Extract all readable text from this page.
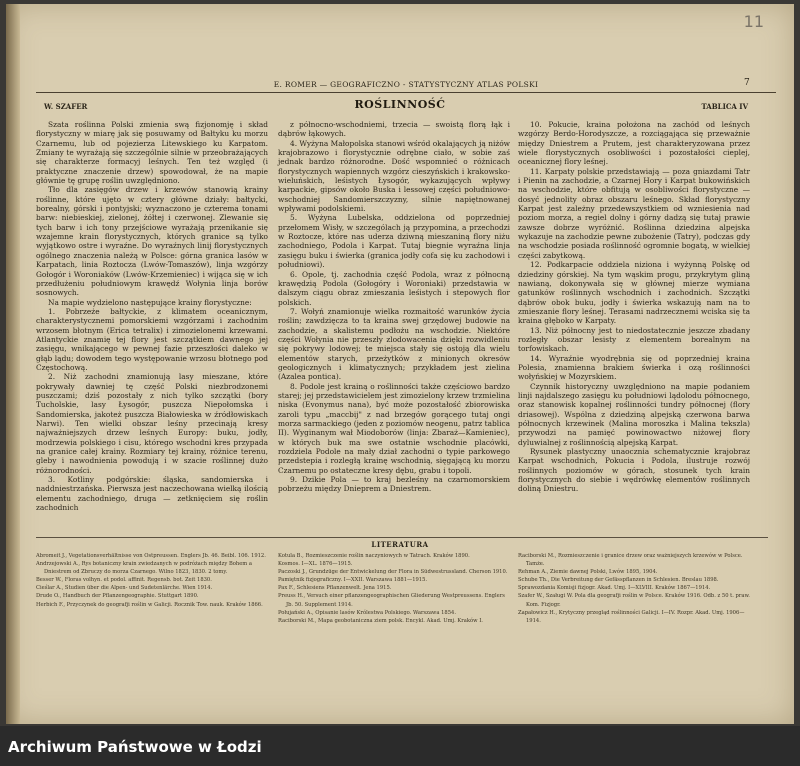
11
E. ROMER — GEOGRAFICZNO - STATYSTYCZNY ATLAS POLSKI	7
W. SZAFER	ROŚLINNOŚĆ	TABLICA IV

Szata roślinna Polski zmienia swą fizjonomję i skład florystyczny w miarę jak się posuwamy od Bałtyku ku morzu Czarnemu, lub od pojezierza Litewskiego ku Karpatom. Zmiany te wyrażają się szczególnie silnie w przeobrażających się charakterze formacyj leśnych. Ten też względ (i praktyczne znaczenie drzew) spowodował, że na mapie głównie tę grupę roślin uwzględniono.

Tło dla zasięgów drzew i krzewów stanowią krainy roślinne, które ujęto w cztery główne działy: bałtycki, borealny, górski i pontyjski; wyznaczono je czterema tonami barw: niebieskiej, zielonej, żółtej i czerwonej. Zlewanie się tych barw i ich tony przejściowe wyrażają przenikanie się wzajemne krain florystycznych, których granice są tylko wyjątkowo ostre i wyraźne. Do wyraźnych linij florystycznych ogólnego znaczenia należą w Polsce: górna granica lasów w Karpatach, linia Roztocza (Lwów-Tomaszów), linja wzgórzy Gołogór i Woroniaków (Lwów-Krzemieniec) i wijąca się w ich przedłużeniu południowym krawędź Wołynia linja borów sosnowych.

Na mapie wydzielono następujące krainy florystyczne:

1. Pobrzeże bałtyckie, z klimatem oceanicznym, charakterystycznemi pomorskiemi wzgórzami i zachodnim wrzosem błotnym (Erica tetralix) i zimozielonemi krzewami. Atlantyckie znamię tej flory jest szczątkiem dawnego jej zasięgu, wnikającego w pewnej fazie przeszłości daleko w głąb lądu; dowodem tego występowanie wrzosu błotnego pod Częstochową.

2. Niż zachodni znamionują lasy mieszane, które pokrywały dawniej tę część Polski niezbrodzonemi puszczami; dziś pozostały z nich tylko szczątki (bory Tucholskie, lasy Łysogór, puszcza Niepołomska i Sandomierska, jakoteż puszcza Białowieska w źródłowiskach Narwi). Ten wielki obszar leśny przecinają kresy najważniejszych drzew leśnych Europy: buku, jodły, modrzewia polskiego i cisu, którego wschodni kres przypada na granice całej krainy. Rozmiary tej krainy, różnice terenu, gleby i nawodnienia powodują i w szacie roślinnej dużo różnorodności.

3. Kotliny podgórskie: śląska, sandomierska i naddniestrzańska. Pierwsza jest naczechowana wielką ilością elementu zachodniego, druga — zetknięciem się roślin zachodnich

z północno-wschodniemi, trzecia — swoistą florą łąk i dąbrów łąkowych.

4. Wyżyna Małopolska stanowi wśród okalających ją niżów krajobrazowo i florystycznie odrębne ciało, w sobie zaś jednak bardzo różnorodne. Dość wspomnieć o różnicach florystycznych wapiennych wzgórz cieszyńskich i krakowsko-wieluńskich, leśistych Łysogór, wykazujących wpływy karpackie, gipsów około Buska i lessowej części południowo-wschodniej Sandomierszczyzny, silnie napiętnowanej wpływami podolskiemi.

5. Wyżyna Lubelska, oddzielona od poprzedniej przełomem Wisły, w szczególach ją przypomina, a przechodzi w Roztocze, które nas uderza dziwną mieszaniną flory niżu zachodniego, Podola i Karpat. Tutaj biegnie wyraźna linja zasięgu buku i świerka (granica jodły cofa się ku zachodowi i południowi).

6. Opole, tj. zachodnia część Podola, wraz z północną krawędzią Podola (Gołogóry i Woroniaki) przedstawia w dalszym ciągu obraz zmieszania leśistych i stepowych flor polskich.

7. Wołyń znamionuje wielka rozmaitość warunków życia roślin; zawdzięcza to ta kraina swej grzędowej budowie na zachodzie, a skalistemu podłożu na wschodzie. Niektóre części Wołynia nie przeszły zlodowacenia dzięki rozwidleniu się pokrywy lodowej; te miejsca stały się ostoją dla wielu elementów starych, przeżytków z minionych okresów geologicznych i klimatycznych; przykładem jest zielina (Azalea pontica).

8. Podole jest krainą o roślinności także częściowo bardzo starej; jej przedstawicielem jest zimozielony krzew trzmielina niska (Evonymus nana), być może pozostałość zbiorowiska zaroli typu „maccbij" z nad brzegów gorącego tutaj ongi morza sarmackiego (jeden z poziomów neogenu, patrz tablica II). Wyginanym wał Miodoborów (linja: Zbaraż—Kamieniec), w których buk ma swe ostatnie wschodnie placówki, rozdziela Podole na mały dział zachodni o typie parkowego przedstepia i rozległą krainę wschodnią, sięgającą ku morzu Czarnemu po ostateczne kresy dębu, grabu i topoli.

9. Dzikie Pola — to kraj bezleśny na czarnomorskiem pobrzeżu między Dnieprem a Dniestrem.

10. Pokucie, kraina położona na zachód od leśnych wzgórzy Berdo-Horodyszcze, a rozciągająca się przeważnie między Dniestrem a Prutem, jest charakteryzowana przez wiele florystycznych osobliwości i pozostałości cieplej, oceanicznej flory leśnej.

11. Karpaty polskie przedstawiają — poza gniazdami Tatr i Pienin na zachodzie, a Czarnej Hory i Karpat bukowińskich na wschodzie, które obfitują w osobliwości florystyczne — dosyć jednolity obraz obszaru leśnego. Skład florystyczny Karpat jest zależny przedewszystkiem od wzniesienia nad poziom morza, a regiel dolny i górny dadzą się tutaj prawie zawsze dobrze wyróżnić. Roślinna dziedzina alpejska wykazuje na zachodzie pewne zubożenie (Tatry), podczas gdy na wschodzie posiada roślinność ogromnie bogatą, w wielkiej części zabytkową.

12. Podkarpacie oddziela niziona i wyżynną Polskę od dziedziny górskiej. Na tym wąskim progu, przykrytym gliną nawianą, dokonywała się w głównej mierze wymiana gatunków roślinnych wschodnich i zachodnich. Szczątki dąbrów obok buku, jodły i świerka wskazują nam na to zmieszanie flory leśnej. Terasami nadrzecznemi wciska się ta kraina głęboko w Karpaty.

13. Niż północny jest to niedostatecznie jeszcze zbadany rozległy obszar lesisty z elementem borealnym na torfowiskach.

14. Wyraźnie wyodrębnia się od poprzedniej kraina Polesia, znamienna brakiem świerka i ozą roślinności wołyńskiej w Mozyrskiem.

Czynnik historyczny uwzględniono na mapie podaniem linji najdalszego zasięgu ku południowi lądolodu północnego, oraz stanowisk kopalnej roślinności tundry północnej (flory driasowej). Wspólna z dziedziną alpejską czerwona barwa północnych krzewinek (Malina moroszka i Malina tekszla) przywodzi na pamięć powinowactwo niżowej flory dyluwialnej z roślinnością alpejską Karpat.

Rysunek plastyczny unaocznia schematycznie krajobraz Karpat wschodnich, Pokucia i Podola, ilustruje rozwój roślinnych poziomów w górach, stosunek tych krain florystycznych do siebie i wędrówkę elementów roślinnych doliną Dniestru.

LITERATURA
Abromeit J., Vegetationsverhältnisse von Ostpreussen. Englers Jb. 46. Beibl. 106. 1912.
Andrzejowski A., Rys botaniczny krain zwiedzanych w podróżach między Bohem a Dniestrem od Zbruczy do morza Czarnego. Wilno 1823, 1830. 2 tomy.
Besser W., Floras volhyn. et podol. affinit. Regensb. bot. Zeit 1830.
Cieślar A., Studien über die Alpen- und Sudetenlärche. Wien 1914.
Drude O., Handbuch der Pflanzengeographie. Stuttgart 1890.
Herbich F., Przyczynek do geografji roślin w Galicji. Rocznik Tow. nauk. Kraków 1866.
Kotula B., Rozmieszczenie roślin naczyniowych w Tatrach. Kraków 1890.
Kosmos. I—XL. 1876—1915.
Paczoski J., Grundzüge der Entwickelung der Flora in Südwestrussland. Cherson 1910.
Pamiętnik fizjograficzny. I—XXII. Warszawa 1881—1915.
Pax F., Schlesiens Pflanzenwelt. Jena 1915.
Preuss H., Versuch einer pflanzengeographischen Gliederung Westpreussens. Englers Jb. 50. Supplement 1914.
Połujański A., Opisanie lasów Królestwa Polskiego. Warszawa 1854.
Raciborski M., Mapa geobotaniczna ziem polsk. Encykl. Akad. Umj. Kraków I.
Raciborski M., Rozmieszczenie i granice drzew oraz ważniejszych krzewów w Polsce. Tamże.
Rehman A., Ziemie dawnej Polski, Lwów 1895, 1904.
Schube Th., Die Verbreitung der Gefässpflanzen in Schlesien. Breslau 1898.
Sprawozdania Komisji fizjogr. Akad. Umj. I—XLVIII. Kraków 1867—1914.
Szafer W., Szaługi W. Pola dla geografji roślin w Polsce. Kraków 1916. Odb. z 50 t. praw. Kom. Fizjogr.
Zapałowicz H., Krytyczny przegląd roślinności Galicji. I—IV. Rozpr. Akad. Umj. 1906—1914.
Archiwum Państwowe w Łodzi
